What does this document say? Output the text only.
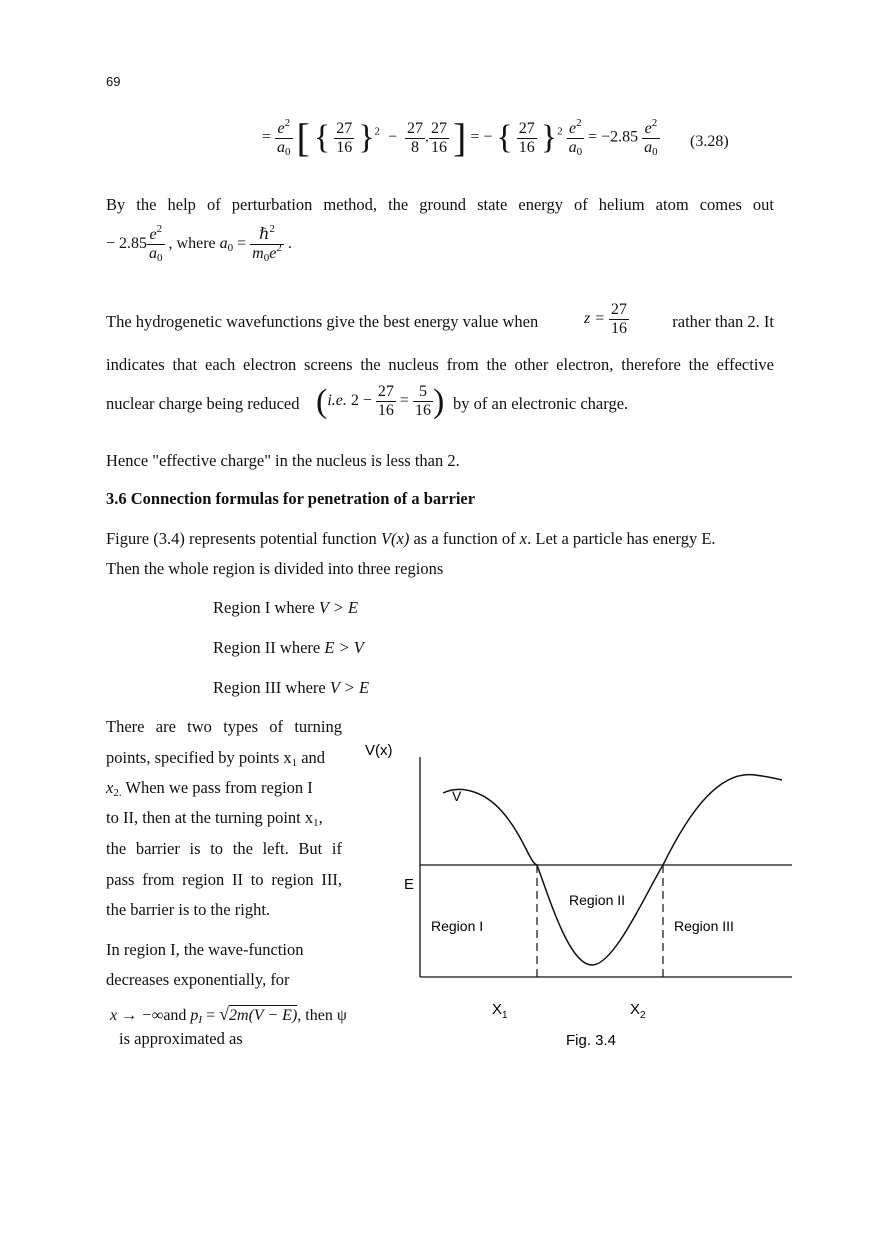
69
= $\frac{e^2}{a_0}$ [ { $\frac{27}{16} \}^2 - \frac{27}{8}$ . $\frac{27}{16}$ ] = − { $\frac{27}{16} \}^2 \frac{e^2}{a_0} = -2.85 \frac{e^2}{a_0} (3.28)$
By the help of perturbation method, the ground state energy of helium atom comes out
− $2.85 \frac{e^2}{a_0}$ , where $a_0 = \frac{\hbar^2}{m_0e^2}$ .
The hydrogenetic wavefunctions give the best energy value when	$z = \frac{27}{16}$	rather than 2. It
indicates that each electron screens the nucleus from the other electron, therefore the effective
nuclear charge being reduced (i.e. $2 - \frac{27}{16} = \frac{5}{16}$ ) by of an electronic charge.
Hence "effective charge" in the nucleus is less than 2.
3.6 Connection formulas for penetration of a barrier
Figure (3.4) represents potential function V(x) as a function of x. Let a particle has energy E.
Then the whole region is divided into three regions
Region I where V > E
Region II where E > V
Region III where V > E
There are two types of turning
points, specified by points $x_1$ and
$x_{2.}$ When we pass from region I
to II, then at the turning point $x_1$,
the barrier is to the left. But if
pass from region II to region III,
the barrier is to the right.
In region I, the wave-function
decreases exponentially, for
x → −∞and $p_I = √2m(V - E)$, then ψ
is approximated as
V(x)
V
E
Region I
Region II
Region III
$X_1$	$X_2$
Fig. 3.4
